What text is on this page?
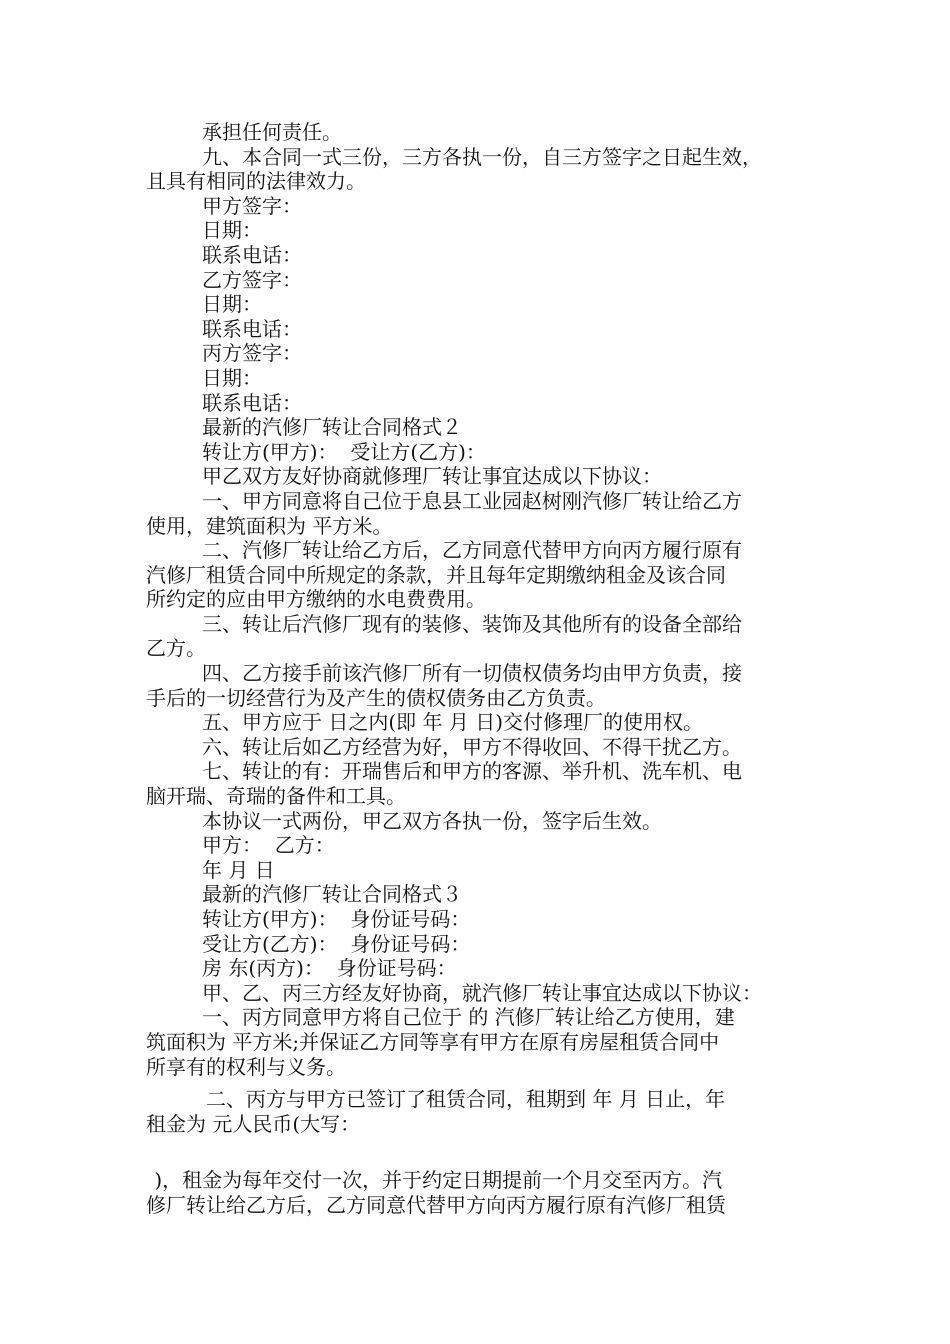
承担任何责任。
九、本合同一式三份，三方各执一份，自三方签字之日起生效，
且具有相同的法律效力。
甲方签字：
日期：
联系电话：
乙方签字：
日期：
联系电话：
丙方签字：
日期：
联系电话：
最新的汽修厂转让合同格式２
转让方(甲方)：  受让方(乙方)：
甲乙双方友好协商就修理厂转让事宜达成以下协议：
一、甲方同意将自己位于息县工业园赵树刚汽修厂转让给乙方
使用，建筑面积为 平方米。
二、汽修厂转让给乙方后，乙方同意代替甲方向丙方履行原有
汽修厂租赁合同中所规定的条款，并且每年定期缴纳租金及该合同
所约定的应由甲方缴纳的水电费费用。
三、转让后汽修厂现有的装修、装饰及其他所有的设备全部给
乙方。
四、乙方接手前该汽修厂所有一切债权债务均由甲方负责，接
手后的一切经营行为及产生的债权债务由乙方负责。
五、甲方应于 日之内(即 年 月 日)交付修理厂的使用权。
六、转让后如乙方经营为好，甲方不得收回、不得干扰乙方。
七、转让的有：开瑞售后和甲方的客源、举升机、洗车机、电
脑开瑞、奇瑞的备件和工具。
本协议一式两份，甲乙双方各执一份，签字后生效。
甲方：  乙方：
年 月 日
最新的汽修厂转让合同格式３
转让方(甲方)：  身份证号码：
受让方(乙方)：  身份证号码：
房 东(丙方)：  身份证号码：
甲、乙、丙三方经友好协商，就汽修厂转让事宜达成以下协议：
一、丙方同意甲方将自己位于 的 汽修厂转让给乙方使用，建
筑面积为 平方米;并保证乙方同等享有甲方在原有房屋租赁合同中
所享有的权利与义务。
二、丙方与甲方已签订了租赁合同，租期到 年 月 日止，年
租金为 元人民币(大写：
)，租金为每年交付一次，并于约定日期提前一个月交至丙方。汽
修厂转让给乙方后，乙方同意代替甲方向丙方履行原有汽修厂租赁
